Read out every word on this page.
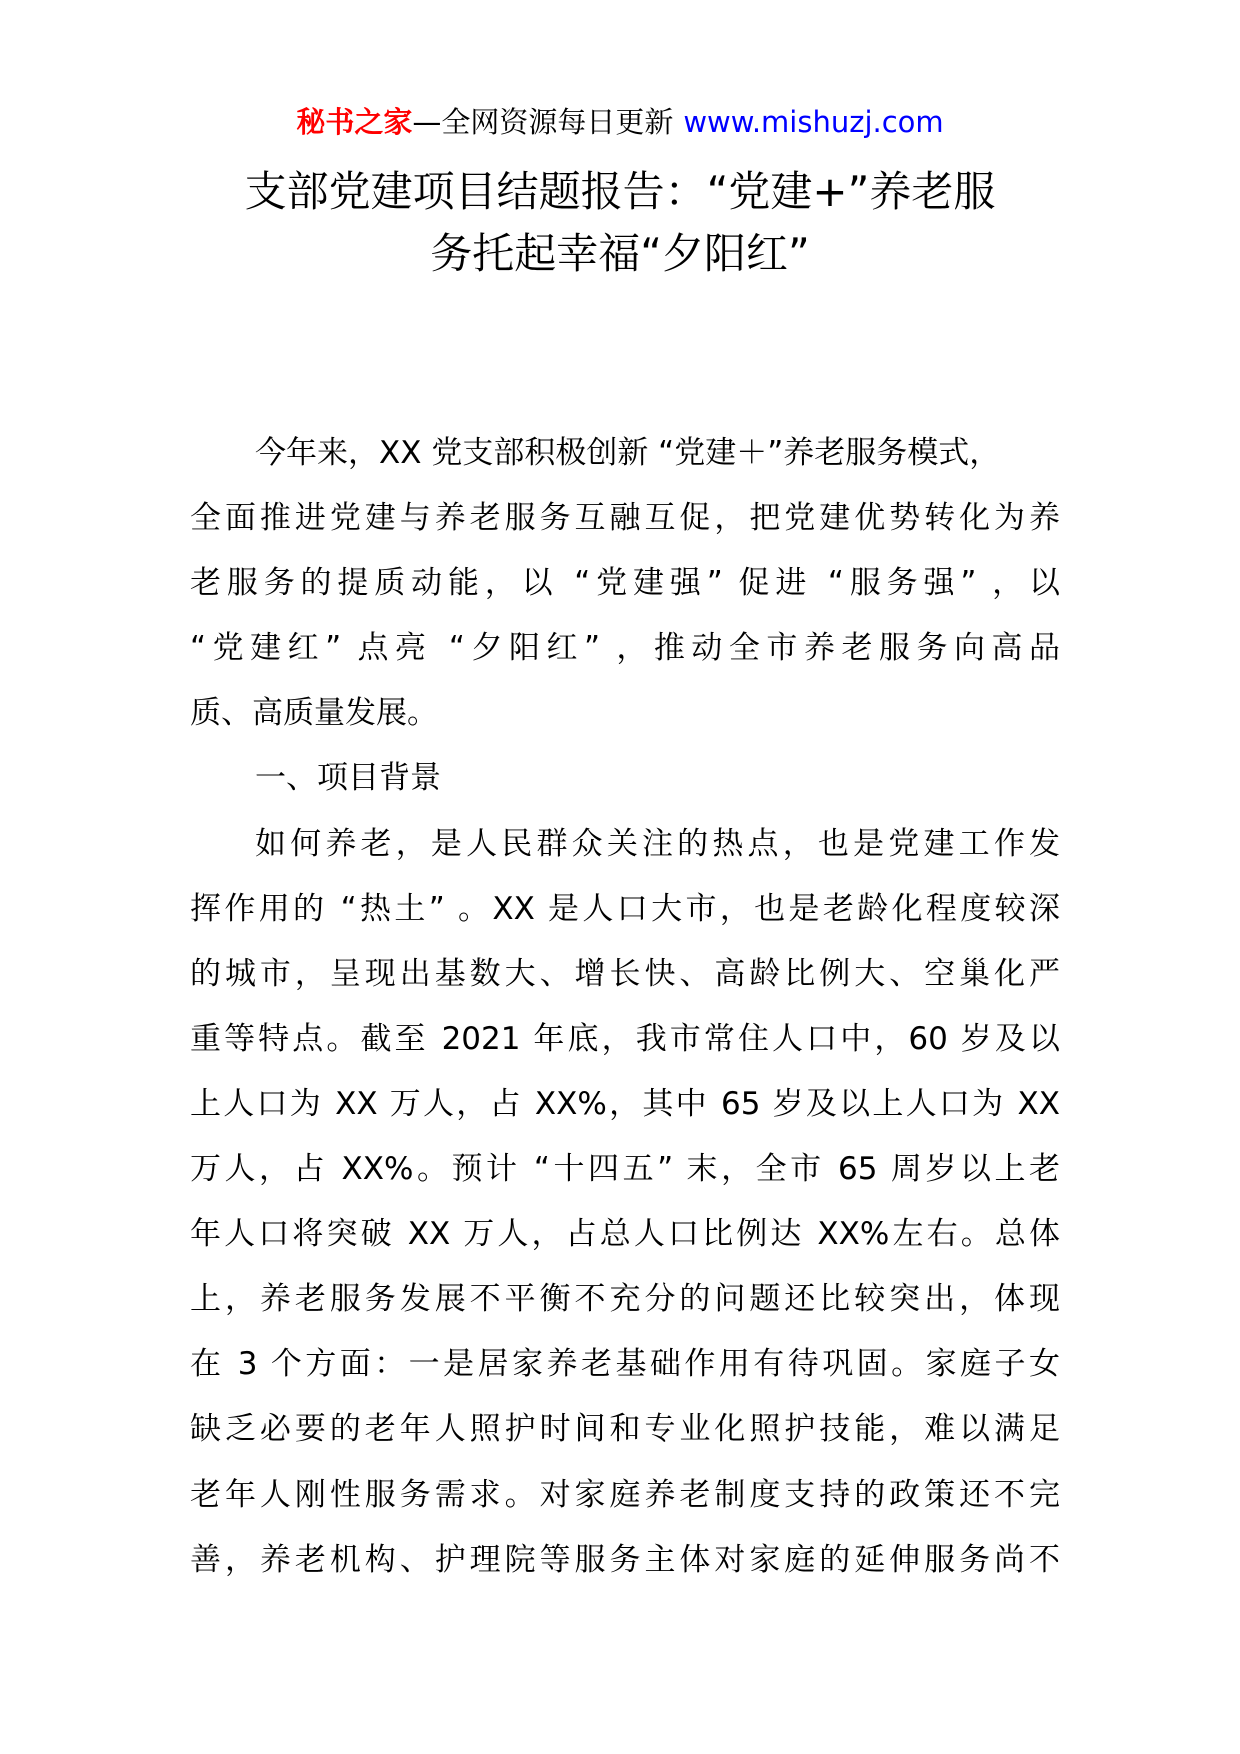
秘书之家—全网资源每日更新 www.mishuzj.com
支部党建项目结题报告：“党建+”养老服
务托起幸福“夕阳红”
今年来，XX 党支部积极创新 “党建＋”养老服务模式，
全面推进党建与养老服务互融互促，把党建优势转化为养
老服务的提质动能，以 “党建强” 促进 “服务强” ，以
“党建红” 点亮 “夕阳红” ，推动全市养老服务向高品
质、高质量发展。
一、项目背景
如何养老，是人民群众关注的热点，也是党建工作发
挥作用的 “热土” 。XX 是人口大市，也是老龄化程度较深
的城市，呈现出基数大、增长快、高龄比例大、空巢化严
重等特点。截至 2021 年底，我市常住人口中，60 岁及以
上人口为 XX 万人，占 XX%，其中 65 岁及以上人口为 XX
万人，占 XX%。预计 “十四五” 末，全市 65 周岁以上老
年人口将突破 XX 万人，占总人口比例达 XX%左右。总体
上，养老服务发展不平衡不充分的问题还比较突出，体现
在 3 个方面：一是居家养老基础作用有待巩固。家庭子女
缺乏必要的老年人照护时间和专业化照护技能，难以满足
老年人刚性服务需求。对家庭养老制度支持的政策还不完
善，养老机构、护理院等服务主体对家庭的延伸服务尚不
